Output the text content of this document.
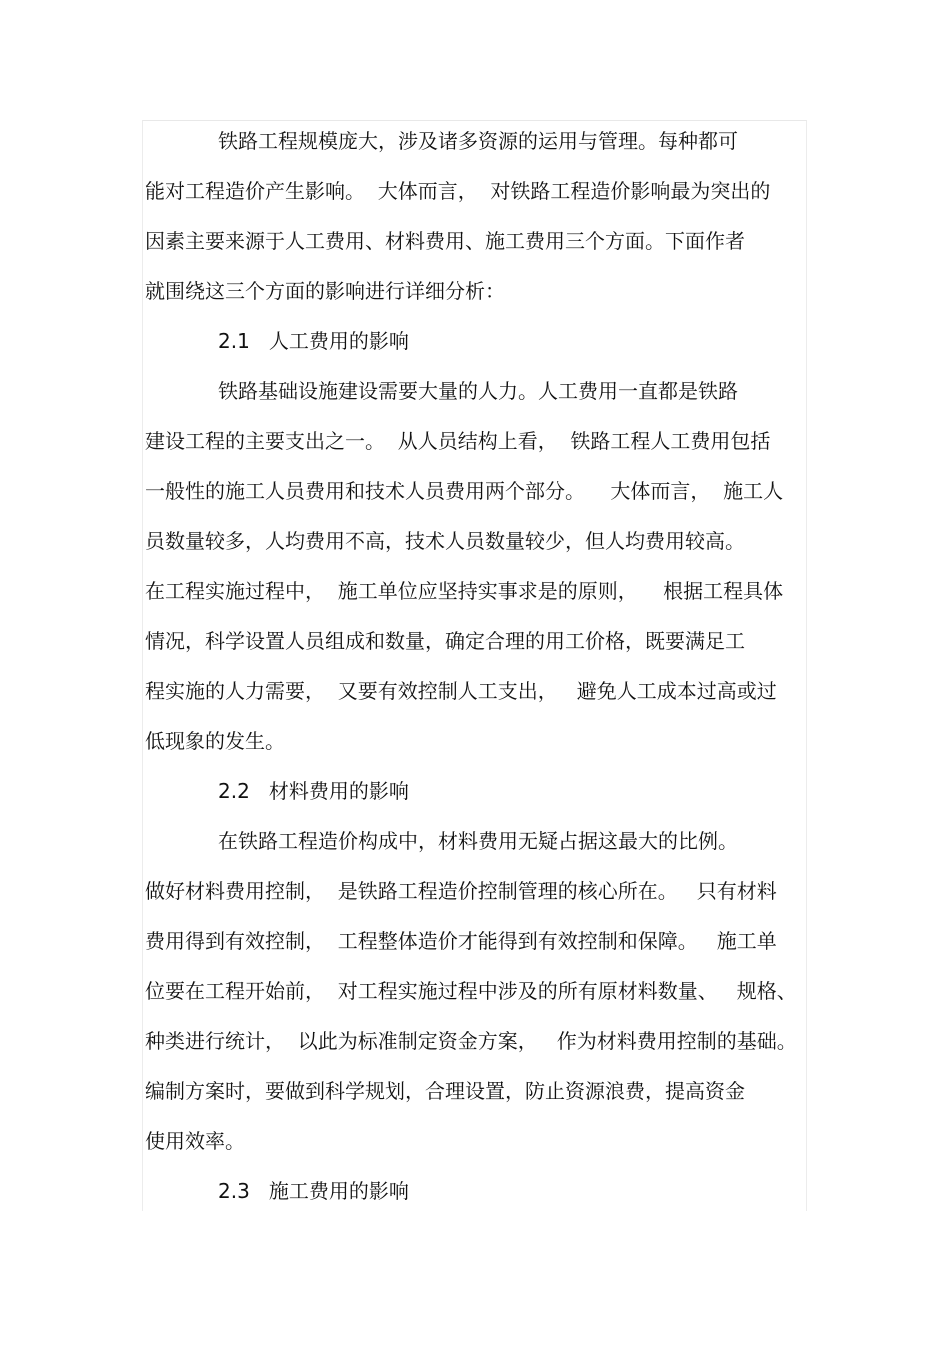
铁路工程规模庞大，涉及诸多资源的运用与管理。每种都可
能对工程造价产生影响。  大体而言，  对铁路工程造价影响最为突出的
因素主要来源于人工费用、材料费用、施工费用三个方面。下面作者
就围绕这三个方面的影响进行详细分析：
2.1   人工费用的影响
铁路基础设施建设需要大量的人力。人工费用一直都是铁路
建设工程的主要支出之一。  从人员结构上看，  铁路工程人工费用包括
一般性的施工人员费用和技术人员费用两个部分。    大体而言，  施工人
员数量较多，人均费用不高，技术人员数量较少，但人均费用较高。
在工程实施过程中，  施工单位应坚持实事求是的原则，    根据工程具体
情况，科学设置人员组成和数量，确定合理的用工价格，既要满足工
程实施的人力需要，  又要有效控制人工支出，   避免人工成本过高或过
低现象的发生。
2.2   材料费用的影响
在铁路工程造价构成中，材料费用无疑占据这最大的比例。
做好材料费用控制，  是铁路工程造价控制管理的核心所在。   只有材料
费用得到有效控制，  工程整体造价才能得到有效控制和保障。   施工单
位要在工程开始前，  对工程实施过程中涉及的所有原材料数量、   规格、
种类进行统计，  以此为标准制定资金方案，   作为材料费用控制的基础。
编制方案时，要做到科学规划，合理设置，防止资源浪费，提高资金
使用效率。
2.3   施工费用的影响
